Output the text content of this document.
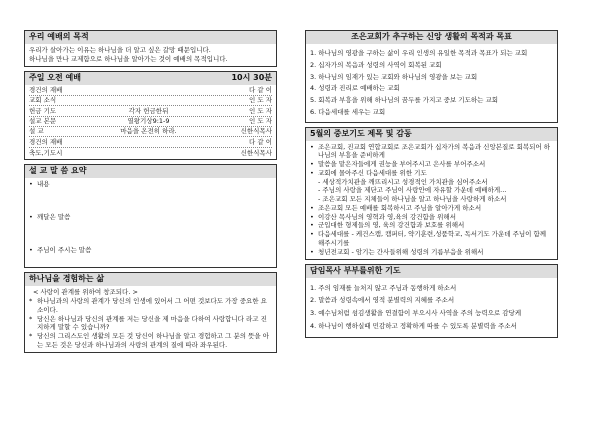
우리 예배의 목적
우리가 살아가는 이유는 하나님을 더 알고 싶은 갈망 때문입니다.
하나님을 만나 교제함으로 하나님을 알아가는 것이 예배의 목적입니다.
주일 오전 예배	10시 30분
경건의 재배	다 같 이
교회 소식	인 도 자
헌금 기도	각자 헌금한뒤	인 도 자
설교 본문	열왕기상9:1-9	인 도 자
설 교	마음을 온전히 하라.	신한식목사
경건의 재배	다 같 이
축도,기도시	신한식목사
설 교 말 씀 요약
• 내용
• 깨달은 말씀
• 주님이 주시는 말씀
하나님을 경험하는 삶
< 사랑이 관계를 위하여 창조되다. >
* 하나님과의 사랑의 관계가 당신의 인생에 있어서 그 어떤 것보다도 가장 중요한 요소이다.
* 당신은 하나님과 당신의 관계를 저는 당신을 제 마음을 다하여 사랑합니다 라고 진지하게 말할 수 있습니까?
* 당신의 그리스도인 생활의 모든 것 당신이 하나님을 알고 경험하고 그 분의 뜻을 아는 모든 것은 당신과 하나님과의 사랑의 관계의 질에 따라 좌우된다.
조은교회가 추구하는 신앙 생활의 목적과 목표
1. 하나님의 영광을 구하는 삶이 우리 인생의 유일한 목적과 목표가 되는 교회
2. 십자가의 복음과 성령의 사역이 회복된 교회
3. 하나님의 임재가 있는 교회와 하나님의 영광을 보는 교회
4. 성령과 진리로 예배하는 교회
5. 회복과 부흥을 위해 하나님의 꿈두를 가지고 중보 기도하는 교회
6. 다음세대를 세우는 교회
5월의 중보기도 제목 및 감동
• 조은교회, 진교회 연합교회로 조은교회가 십자가의 복음과 신앙본질로 회복되어 하나님의 부흥을 준비하게
• 말씀을 맡은자들에게 권능을 부어주시고 은사를 부어주소서
• 교회에 몰아주신 다음세대를 위한 기도
- 세상적가치관을 깨뜨리시고 성경적인 가치관을 심어주소서
- 주님의 사랑을 제단고 주님이 사랑안에 자유할 가운데 예배하게...
- 조은교회 모든 지체들이 하나님을 알고 하나님을 사랑하게 하소서
• 조은교회 모든 예배를 회복하시고 주님을 알아가게 하소서
• 이강산 목사님의 영혁과 영,육의 강건함을 위해서
• 군입대한 형제들의 영, 육의 강건함과 보호를 위해서
• 다음세대를 - 케건스캠, 캠퍼터, 약기훈련,성품학교, 독서기도 가운데 주님이 함께 해주시기를
• 청년전교회 - 암기는 간사들위해 성령의 기름부음을 위해서
담임목사 부부를위한 기도
1. 주의 임재를 늘처지 않고 주님과 동행하게 하소서
2. 말씀과 성령속에서 영적 분별력의 지혜를 주소서
3. 예수님처럼 섬김생활을 연결함이 부으시사 사역을 주의 능력으로 감당케
4. 하나님이 행하실때 민감하고 정확하게 따를 수 있도록 분별력을 주소서
